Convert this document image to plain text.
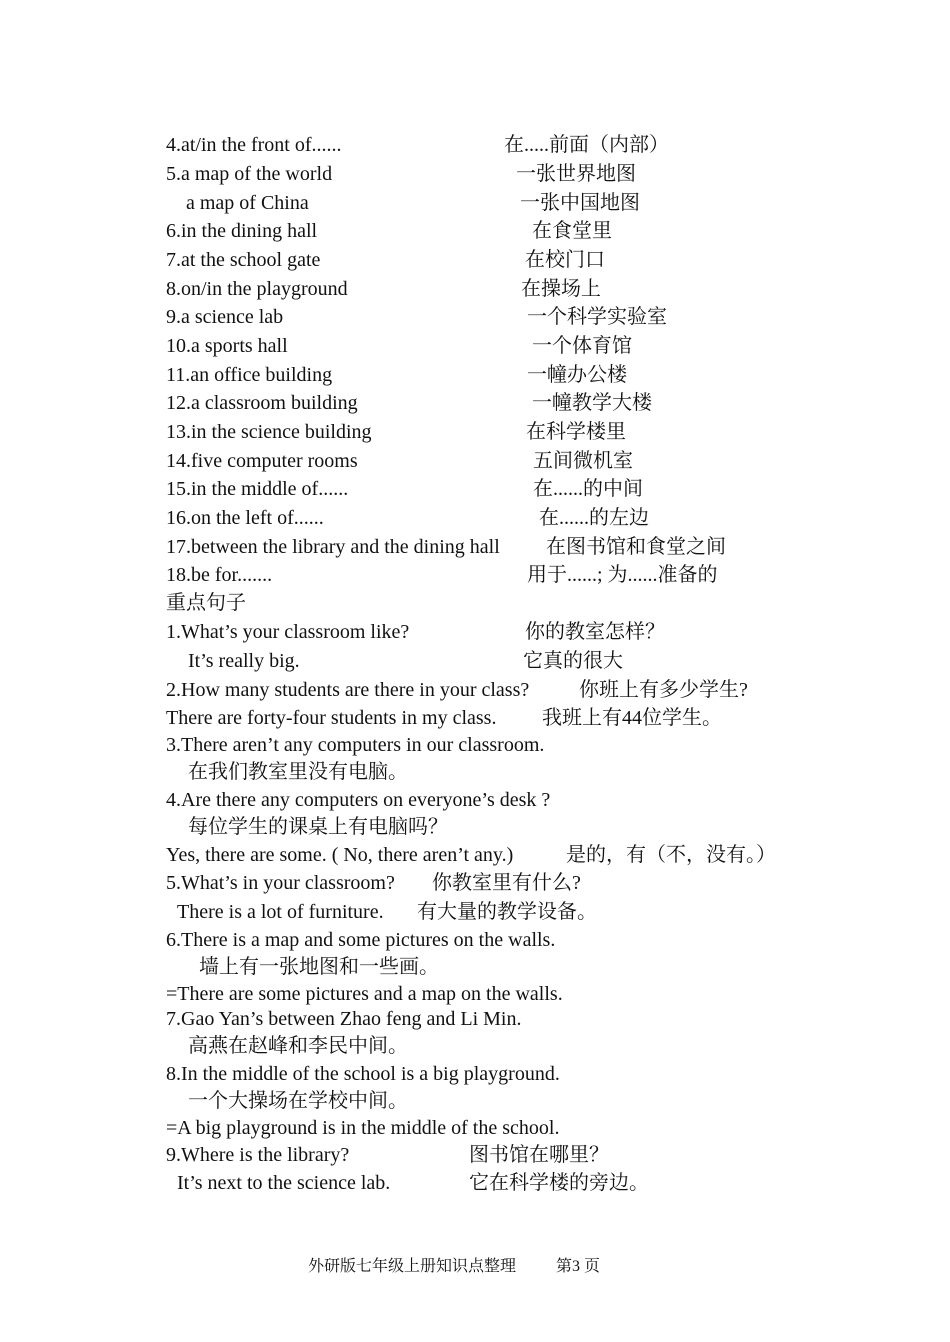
4.at/in the front of......	在.....前面（内部）
5.a map of the world	一张世界地图
a map of China	一张中国地图
6.in the dining hall	在食堂里
7.at the school gate	在校门口
8.on/in the playground	在操场上
9.a science lab	一个科学实验室
10.a sports hall	一个体育馆
11.an office building	一幢办公楼
12.a classroom building	一幢教学大楼
13.in the science building	在科学楼里
14.five computer rooms	五间微机室
15.in the middle of......	在......的中间
16.on the left of......	在......的左边
17.between the library and the dining hall 在图书馆和食堂之间
18.be for.......	用于......; 为......准备的
重点句子
1.What’s your classroom like?	你的教室怎样？
It’s really big.	它真的很大
2.How many students are there in your class? 你班上有多少学生?
There are forty-four students in my class. 我班上有44位学生。
3.There aren’t any computers in our classroom.
在我们教室里没有电脑。
4.Are there any computers on everyone’s desk ?
每位学生的课桌上有电脑吗？
Yes, there are some. ( No, there aren’t any.)	是的，有（不，没有。）
5.What’s in your classroom? 你教室里有什么?
There is a lot of furniture. 有大量的教学设备。
6.There is a map and some pictures on the walls.
墙上有一张地图和一些画。
=There are some pictures and a map on the walls.
7.Gao Yan’s between Zhao feng and Li Min.
高燕在赵峰和李民中间。
8.In the middle of the school is a big playground.
一个大操场在学校中间。
=A big playground is in the middle of the school.
9.Where is the library?	图书馆在哪里？
It’s next to the science lab.	它在科学楼的旁边。
外研版七年级上册知识点整理	第3 页
